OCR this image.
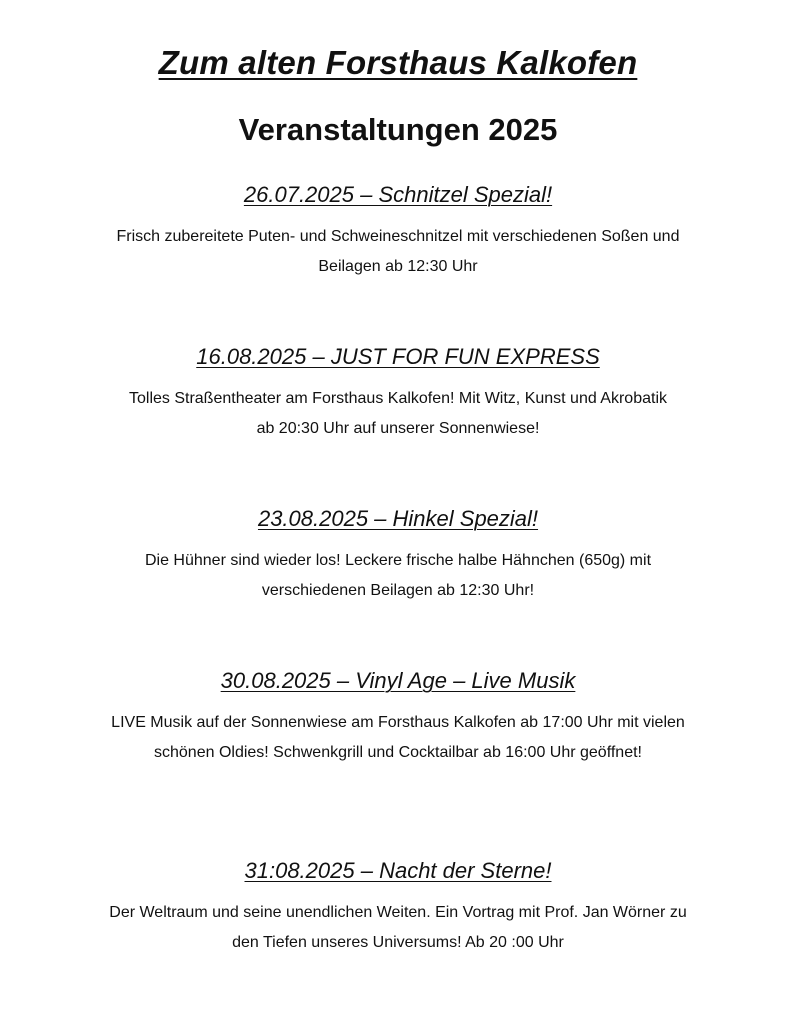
Zum alten Forsthaus Kalkofen
Veranstaltungen 2025

26.07.2025 – Schnitzel Spezial!

Frisch zubereitete Puten- und Schweineschnitzel mit verschiedenen Soßen und Beilagen ab 12:30 Uhr

16.08.2025 – JUST FOR FUN EXPRESS

Tolles Straßentheater am Forsthaus Kalkofen! Mit Witz, Kunst und Akrobatik ab 20:30 Uhr auf unserer Sonnenwiese!

23.08.2025 – Hinkel Spezial!

Die Hühner sind wieder los! Leckere frische halbe Hähnchen (650g) mit verschiedenen Beilagen ab 12:30 Uhr!

30.08.2025 – Vinyl Age – Live Musik

LIVE Musik auf der Sonnenwiese am Forsthaus Kalkofen ab 17:00 Uhr mit vielen schönen Oldies! Schwenkgrill und Cocktailbar ab 16:00 Uhr geöffnet!

31:08.2025 – Nacht der Sterne!

Der Weltraum und seine unendlichen Weiten. Ein Vortrag mit Prof. Jan Wörner zu den Tiefen unseres Universums! Ab 20 :00 Uhr
